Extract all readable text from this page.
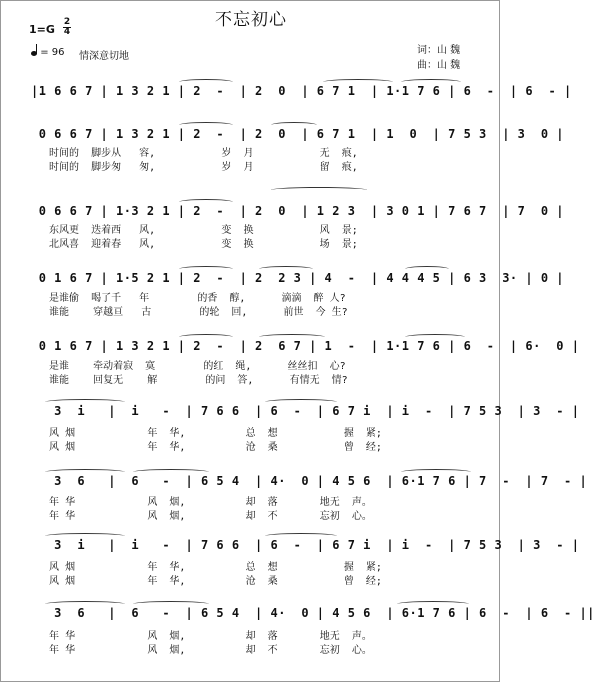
不忘初心
1=G
2
4
= 96 情深意切地
词：山 魏
曲：山 魏
|1 6 6 7 | 1 3 2 1 | 2  -  | 2  0  | 6 7 1  | 1·1 7 6 | 6  -  | 6  - |
0 6 6 7 | 1 3 2 1 | 2  -  | 2  0  | 6 7 1  | 1  0  | 7 5 3  | 3  0 |
时间的  脚步从   容,           岁  月           无  痕,
时间的  脚步匆   匆,           岁  月           留  痕,
0 6 6 7 | 1·3 2 1 | 2  -  | 2  0  | 1 2 3  | 3 0 1 | 7 6 7  | 7  0 |
东风更  迭着西   风,           变  换           风  景;
北风喜  迎着春   风,           变  换           场  景;
0 1 6 7 | 1·5 2 1 | 2  -  | 2  2 3 | 4  -  | 4 4 4 5 | 6 3  3· | 0 |
是谁偷  喝了千   年        的香  醇,      滴滴  醉 人?
谁能    穿越亘   古        的轮  回,      前世  今 生?
0 1 6 7 | 1 3 2 1 | 2  -  | 2  6 7 | 1  -  | 1·1 7 6 | 6  -  | 6·  0 |
是谁    牵动着寂  寞        的红  绳,      丝丝扣  心?
谁能    回复无    解        的问  答,      有情无  情?
3  i   |  i   -  | 7 6 6  | 6  -  | 6 7 i  | i  -  | 7 5 3  | 3  - |
风 烟            年  华,          总  想           握  紧;
风 烟            年  华,          沧  桑           曾  经;
3  6   |  6   -  | 6 5 4  | 4·  0 | 4 5 6  | 6·1 7 6 | 7  -  | 7  - |
年 华            风  烟,          却  落       地无  声。
年 华            风  烟,          却  不       忘初  心。
3  i   |  i   -  | 7 6 6  | 6  -  | 6 7 i  | i  -  | 7 5 3  | 3  - |
风 烟            年  华,          总  想           握  紧;
风 烟            年  华,          沧  桑           曾  经;
3  6   |  6   -  | 6 5 4  | 4·  0 | 4 5 6  | 6·1 7 6 | 6  -  | 6  - ||
年 华            风  烟,          却  落       地无  声。
年 华            风  烟,          却  不       忘初  心。
